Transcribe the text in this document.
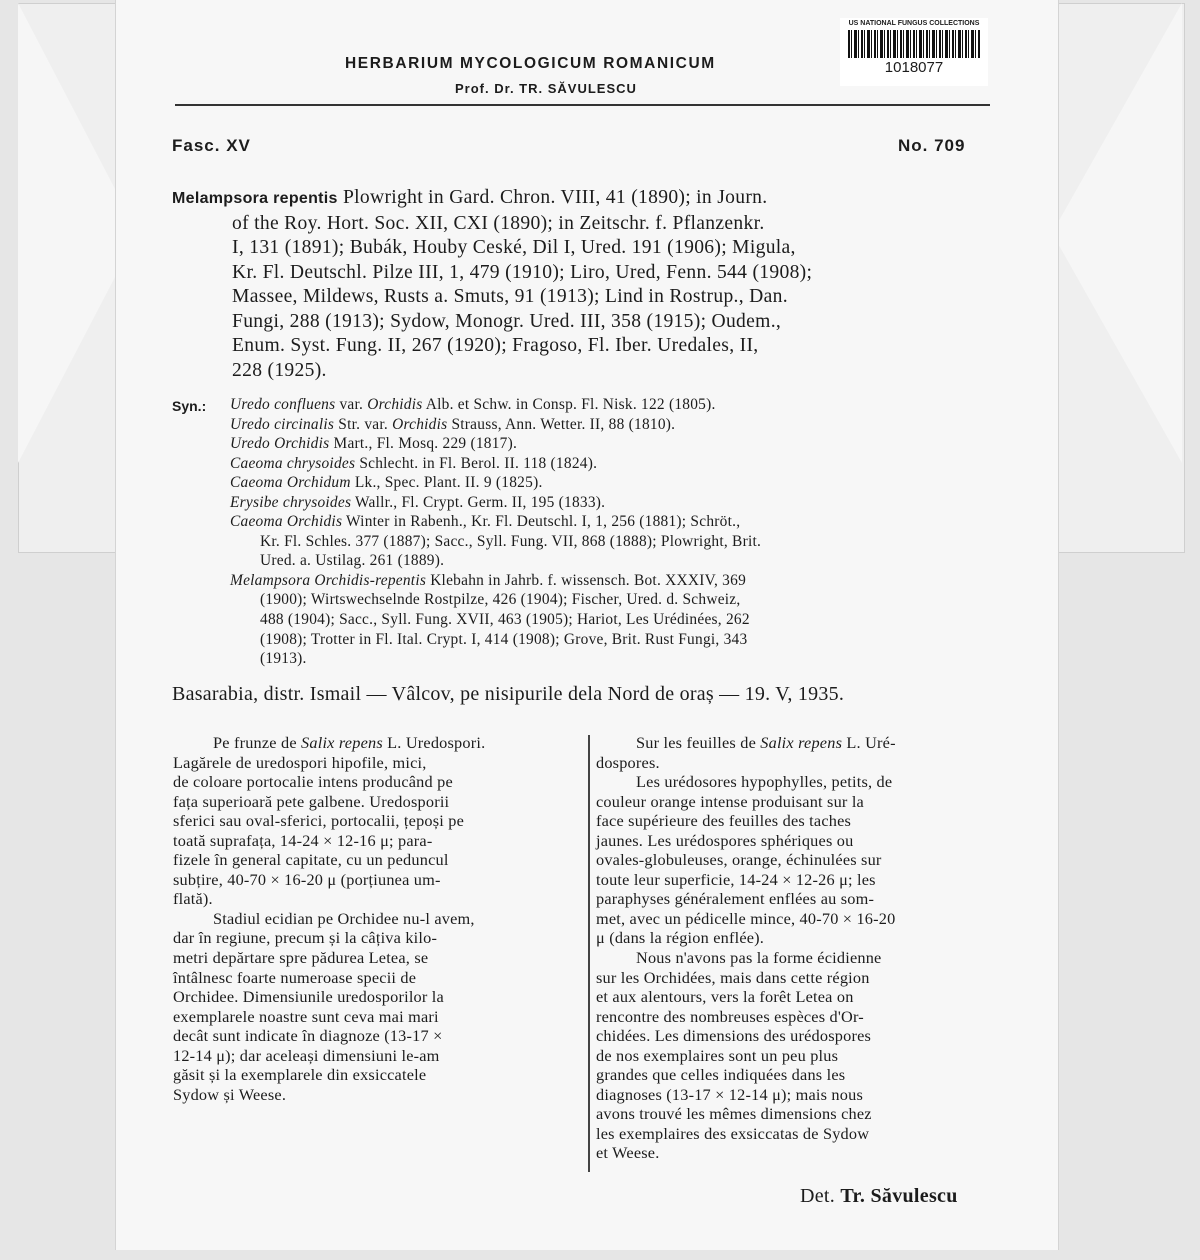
US NATIONAL FUNGUS COLLECTIONS
1018077
HERBARIUM MYCOLOGICUM ROMANICUM
Prof. Dr. TR. SĂVULESCU
Fasc. XV	No. 709
Melampsora repentis Plowright in Gard. Chron. VIII, 41 (1890); in Journ.
of the Roy. Hort. Soc. XII, CXI (1890); in Zeitschr. f. Pflanzenkr.
I, 131 (1891); Bubák, Houby Ceské, Dil I, Ured. 191 (1906); Migula,
Kr. Fl. Deutschl. Pilze III, 1, 479 (1910); Liro, Ured, Fenn. 544 (1908);
Massee, Mildews, Rusts a. Smuts, 91 (1913); Lind in Rostrup., Dan.
Fungi, 288 (1913); Sydow, Monogr. Ured. III, 358 (1915); Oudem.,
Enum. Syst. Fung. II, 267 (1920); Fragoso, Fl. Iber. Uredales, II,
228 (1925).
Syn.: Uredo confluens var. Orchidis Alb. et Schw. in Consp. Fl. Nisk. 122 (1805).
Uredo circinalis Str. var. Orchidis Strauss, Ann. Wetter. II, 88 (1810).
Uredo Orchidis Mart., Fl. Mosq. 229 (1817).
Caeoma chrysoides Schlecht. in Fl. Berol. II. 118 (1824).
Caeoma Orchidum Lk., Spec. Plant. II. 9 (1825).
Erysibe chrysoides Wallr., Fl. Crypt. Germ. II, 195 (1833).
Caeoma Orchidis Winter in Rabenh., Kr. Fl. Deutschl. I, 1, 256 (1881); Schröt.,
Kr. Fl. Schles. 377 (1887); Sacc., Syll. Fung. VII, 868 (1888); Plowright, Brit.
Ured. a. Ustilag. 261 (1889).
Melampsora Orchidis-repentis Klebahn in Jahrb. f. wissensch. Bot. XXXIV, 369
(1900); Wirtswechselnde Rostpilze, 426 (1904); Fischer, Ured. d. Schweiz,
488 (1904); Sacc., Syll. Fung. XVII, 463 (1905); Hariot, Les Urédinées, 262
(1908); Trotter in Fl. Ital. Crypt. I, 414 (1908); Grove, Brit. Rust Fungi, 343
(1913).
Basarabia, distr. Ismail — Vâlcov, pe nisipurile dela Nord de oraș — 19. V, 1935.
Pe frunze de Salix repens L. Uredospori.
Lagărele de uredospori hipofile, mici,
de coloare portocalie intens producând pe
fața superioară pete galbene. Uredosporii
sferici sau oval-sferici, portocalii, țepoși pe
toată suprafața, 14-24 × 12-16 μ; para-
fizele în general capitate, cu un peduncul
subțire, 40-70 × 16-20 μ (porțiunea um-
flată).
Stadiul ecidian pe Orchidee nu-l avem,
dar în regiune, precum și la câțiva kilo-
metri depărtare spre pădurea Letea, se
întâlnesc foarte numeroase specii de
Orchidee. Dimensiunile uredosporilor la
exemplarele noastre sunt ceva mai mari
decât sunt indicate în diagnoze (13-17 ×
12-14 μ); dar aceleași dimensiuni le-am
găsit și la exemplarele din exsiccatele
Sydow și Weese.
Sur les feuilles de Salix repens L. Uré-
dospores.
Les urédosores hypophylles, petits, de
couleur orange intense produisant sur la
face supérieure des feuilles des taches
jaunes. Les urédospores sphériques ou
ovales-globuleuses, orange, échinulées sur
toute leur superficie, 14-24 × 12-26 μ; les
paraphyses généralement enflées au som-
met, avec un pédicelle mince, 40-70 × 16-20
μ (dans la région enflée).
Nous n'avons pas la forme écidienne
sur les Orchidées, mais dans cette région
et aux alentours, vers la forêt Letea on
rencontre des nombreuses espèces d'Or-
chidées. Les dimensions des urédospores
de nos exemplaires sont un peu plus
grandes que celles indiquées dans les
diagnoses (13-17 × 12-14 μ); mais nous
avons trouvé les mêmes dimensions chez
les exemplaires des exsiccatas de Sydow
et Weese.
Det. Tr. Săvulescu
